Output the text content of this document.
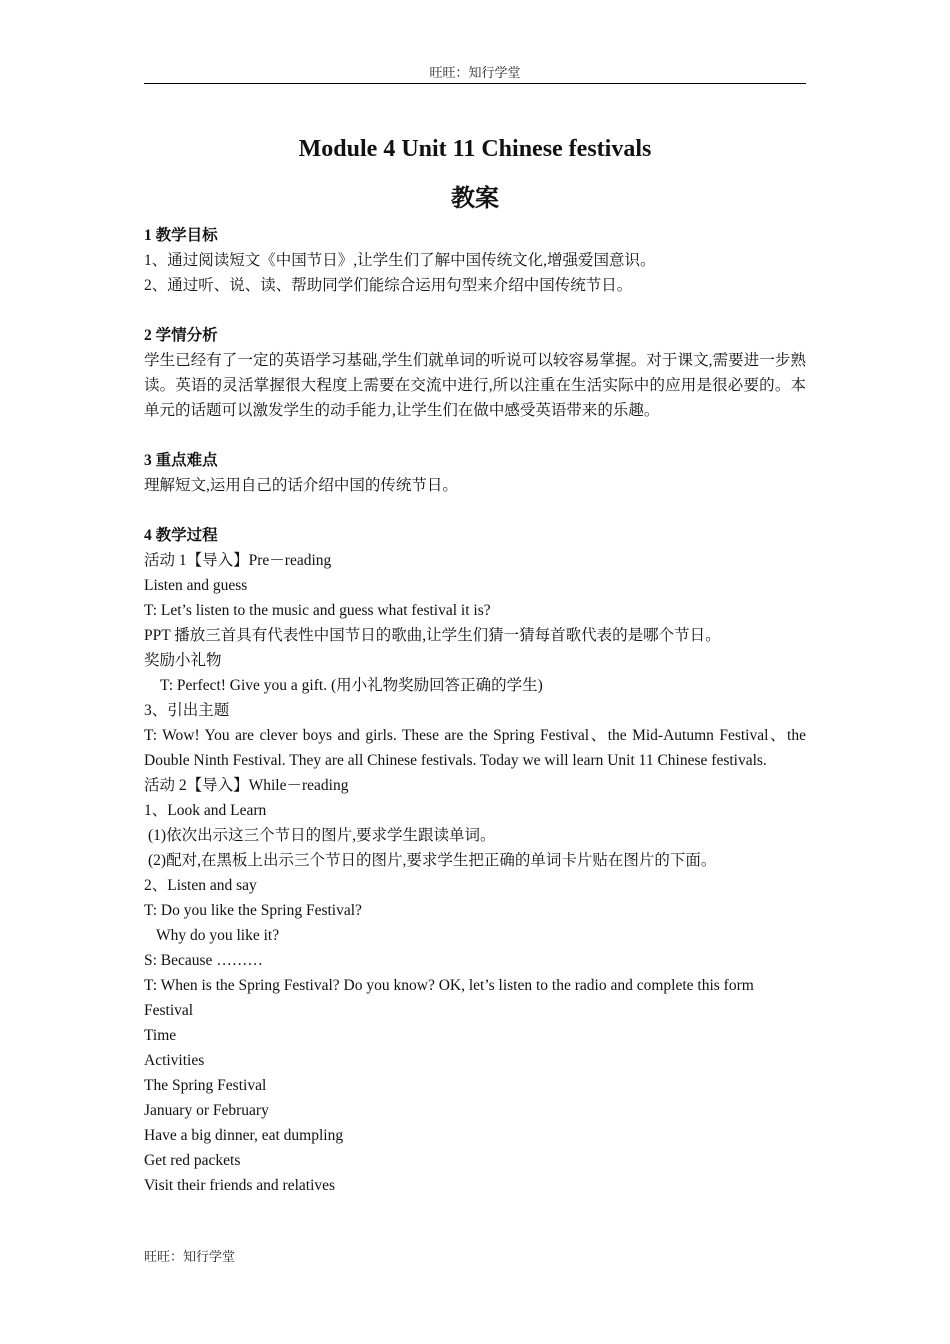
旺旺：知行学堂
Module 4 Unit 11 Chinese festivals
教案

1 教学目标

1、通过阅读短文《中国节日》,让学生们了解中国传统文化,增强爱国意识。

2、通过听、说、读、帮助同学们能综合运用句型来介绍中国传统节日。

2 学情分析

学生已经有了一定的英语学习基础,学生们就单词的听说可以较容易掌握。对于课文,需要进一步熟读。英语的灵活掌握很大程度上需要在交流中进行,所以注重在生活实际中的应用是很必要的。本单元的话题可以激发学生的动手能力,让学生们在做中感受英语带来的乐趣。

3 重点难点

理解短文,运用自己的话介绍中国的传统节日。

4 教学过程

活动 1【导入】Pre－reading

Listen and guess

T: Let’s listen to the music and guess what festival it is?

PPT 播放三首具有代表性中国节日的歌曲,让学生们猜一猜每首歌代表的是哪个节日。

奖励小礼物

T: Perfect! Give you a gift. (用小礼物奖励回答正确的学生)

3、引出主题

T: Wow! You are clever boys and girls. These are the Spring Festival、the Mid-Autumn Festival、the Double Ninth Festival. They are all Chinese festivals. Today we will learn Unit 11 Chinese festivals.

活动 2【导入】While－reading

1、Look and Learn

(1)依次出示这三个节日的图片,要求学生跟读单词。

(2)配对,在黑板上出示三个节日的图片,要求学生把正确的单词卡片贴在图片的下面。

2、Listen and say

T: Do you like the Spring Festival?

Why do you like it?

S: Because ………

T: When is the Spring Festival? Do you know? OK, let’s listen to the radio and complete this form

Festival

Time

Activities

The Spring Festival

January or February

Have a big dinner, eat dumpling

Get red packets

Visit their friends and relatives

旺旺：知行学堂
